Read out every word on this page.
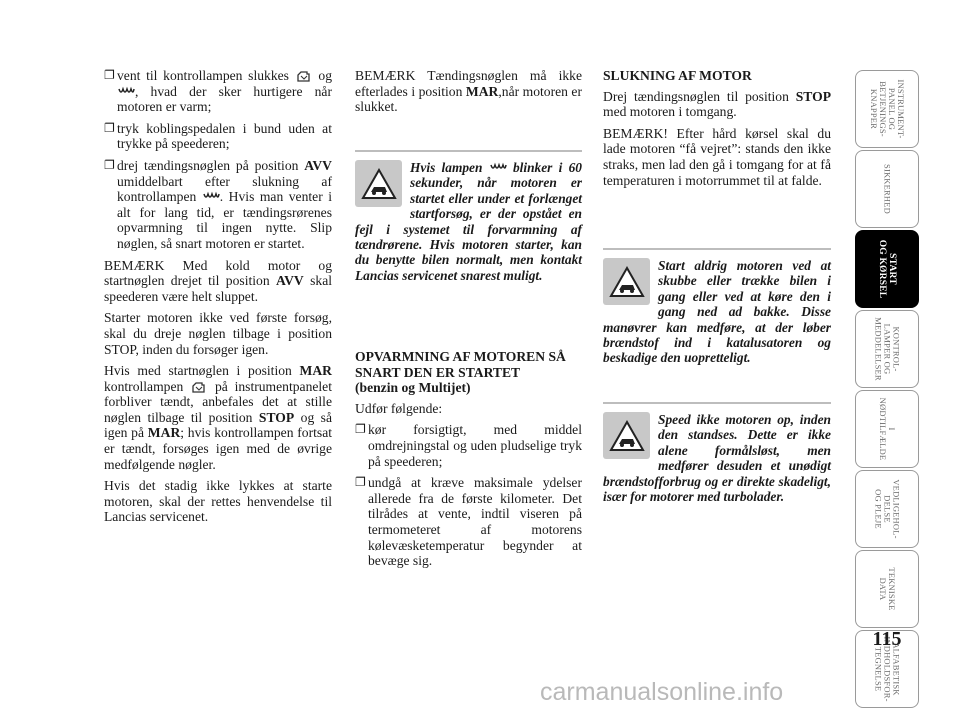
❐ vent til kontrollampen slukkes og , hvad der sker hurtigere når motoren er varm;
❐ tryk koblingspedalen i bund uden at trykke på speederen;
❐ drej tændingsnøglen på position AVV umiddelbart efter slukning af kontrollampen . Hvis man venter i alt for lang tid, er tændingsrørenes opvarmning til ingen nytte. Slip nøglen, så snart motoren er startet.

BEMÆRK Med kold motor og startnøglen drejet til position AVV skal speederen være helt sluppet.

Starter motoren ikke ved første forsøg, skal du dreje nøglen tilbage i position STOP, inden du forsøger igen.

Hvis med startnøglen i position MAR kontrollampen på instrumentpanelet forbliver tændt, anbefales det at stille nøglen tilbage til position STOP og så igen på MAR; hvis kontrollampen fortsat er tændt, forsøges igen med de øvrige medfølgende nøgler.

Hvis det stadig ikke lykkes at starte motoren, skal der rettes henvendelse til Lancias servicenet.

BEMÆRK Tændingsnøglen må ikke efterlades i position MAR,når motoren er slukket.

Hvis lampen blinker i 60 sekunder, når motoren er startet eller under et forlænget startforsøg, er der opstået en fejl i systemet til forvarmning af tændrørene. Hvis motoren starter, kan du benytte bilen normalt, men kontakt Lancias servicenet snarest muligt.
OPVARMNING AF MOTOREN SÅ SNART DEN ER STARTET
(benzin og Multijet)

Udfør følgende:

❐ kør forsigtigt, med middel omdrejningstal og uden pludselige tryk på speederen;
❐ undgå at kræve maksimale ydelser allerede fra de første kilometer. Det tilrådes at vente, indtil viseren på termometeret af motorens kølevæsketemperatur begynder at bevæge sig.
SLUKNING AF MOTOR

Drej tændingsnøglen til position STOP med motoren i tomgang.

BEMÆRK! Efter hård kørsel skal du lade motoren “få vejret”: stands den ikke straks, men lad den gå i tomgang for at få temperaturen i motorrummet til at falde.

Start aldrig motoren ved at skubbe eller trække bilen i gang eller ved at køre den i gang ned ad bakke. Disse manøvrer kan medføre, at der løber brændstof ind i katalusatoren og beskadige den uopretteligt.
Speed ikke motoren op, inden den standses. Dette er ikke alene formålsløst, men medfører desuden et unødigt brændstofforbrug og er direkte skadeligt, især for motorer med turbolader.
INSTRUMENT-
PANEL OG
BETJENINGS-
KNAPPER
SIKKERHED
START
OG KØRSEL
KONTROL-
LAMPER OG
MEDDELELSER
I
NØDTILFÆLDE
VEDLIGEHOL-
DELSE
OG PLEJE
TEKNISKE
DATA
ALFABETISK
INDHOLDSFOR-
TEGNELSE
115
carmanualsonline.info
